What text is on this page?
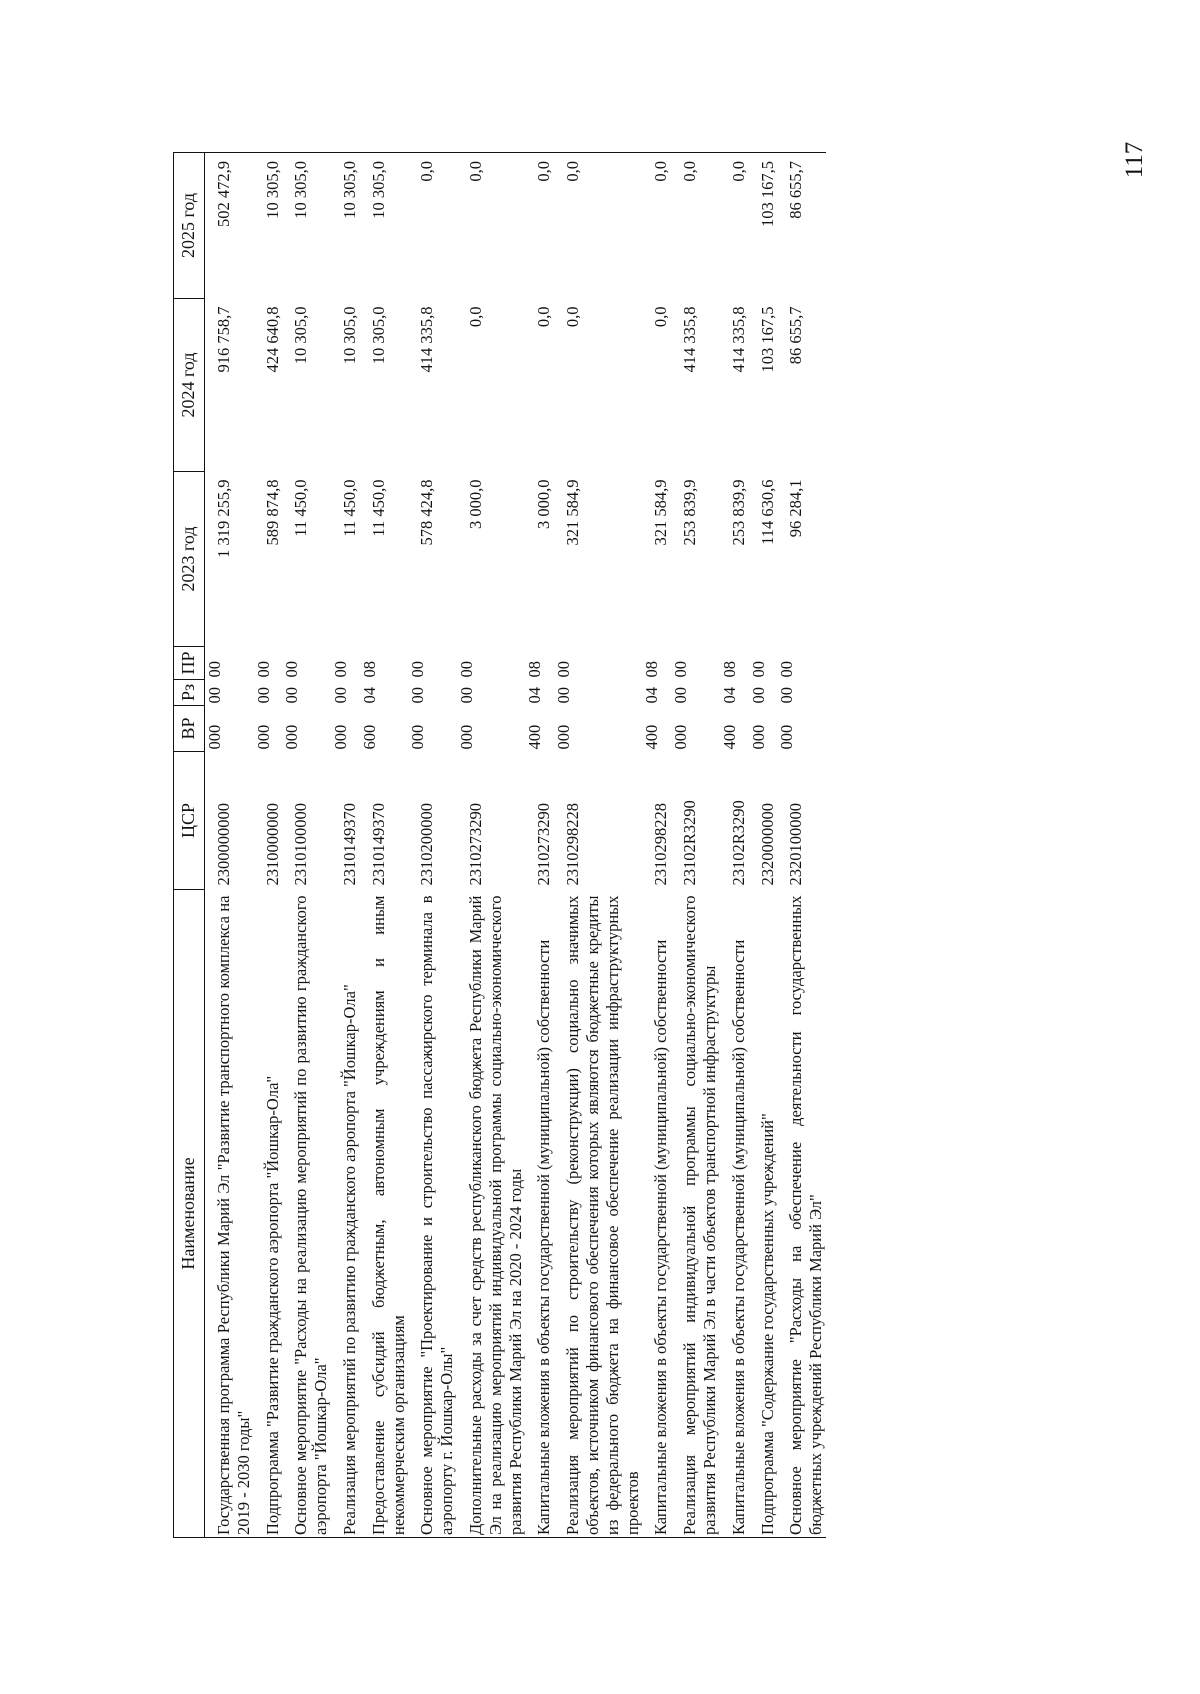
117
Наименование	ЦСР	ВР	Рз	ПР	2023 год	2024 год	2025 год
Государственная программа Республики Марий Эл "Развитие транспортного комплекса на 2019 - 2030 годы"	2300000000	000	00	00	1 319 255,9	916 758,7	502 472,9
Подпрограмма "Развитие гражданского аэропорта "Йошкар-Ола"	2310000000	000	00	00	589 874,8	424 640,8	10 305,0
Основное мероприятие "Расходы на реализацию мероприятий по развитию гражданского аэропорта "Йошкар-Ола"	2310100000	000	00	00	11 450,0	10 305,0	10 305,0
Реализация мероприятий по развитию гражданского аэропорта "Йошкар-Ола"	2310149370	000	00	00	11 450,0	10 305,0	10 305,0
Предоставление субсидий бюджетным, автономным учреждениям и иным некоммерческим организациям	2310149370	600	04	08	11 450,0	10 305,0	10 305,0
Основное мероприятие "Проектирование и строительство пассажирского терминала в аэропорту г. Йошкар-Олы"	2310200000	000	00	00	578 424,8	414 335,8	0,0
Дополнительные расходы за счет средств республиканского бюджета Республики Марий Эл на реализацию мероприятий индивидуальной программы социально-экономического развития Республики Марий Эл на 2020 - 2024 годы	2310273290	000	00	00	3 000,0	0,0	0,0
Капитальные вложения в объекты государственной (муниципальной) собственности	2310273290	400	04	08	3 000,0	0,0	0,0
Реализация мероприятий по строительству (реконструкции) социально значимых объектов, источником финансового обеспечения которых являются бюджетные кредиты из федерального бюджета на финансовое обеспечение реализации инфраструктурных проектов	2310298228	000	00	00	321 584,9	0,0	0,0
Капитальные вложения в объекты государственной (муниципальной) собственности	2310298228	400	04	08	321 584,9	0,0	0,0
Реализация мероприятий индивидуальной программы социально-экономического развития Республики Марий Эл в части объектов транспортной инфраструктуры	23102R3290	000	00	00	253 839,9	414 335,8	0,0
Капитальные вложения в объекты государственной (муниципальной) собственности	23102R3290	400	04	08	253 839,9	414 335,8	0,0
Подпрограмма "Содержание государственных учреждений"	2320000000	000	00	00	114 630,6	103 167,5	103 167,5
Основное мероприятие "Расходы на обеспечение деятельности государственных бюджетных учреждений Республики Марий Эл"	2320100000	000	00	00	96 284,1	86 655,7	86 655,7
